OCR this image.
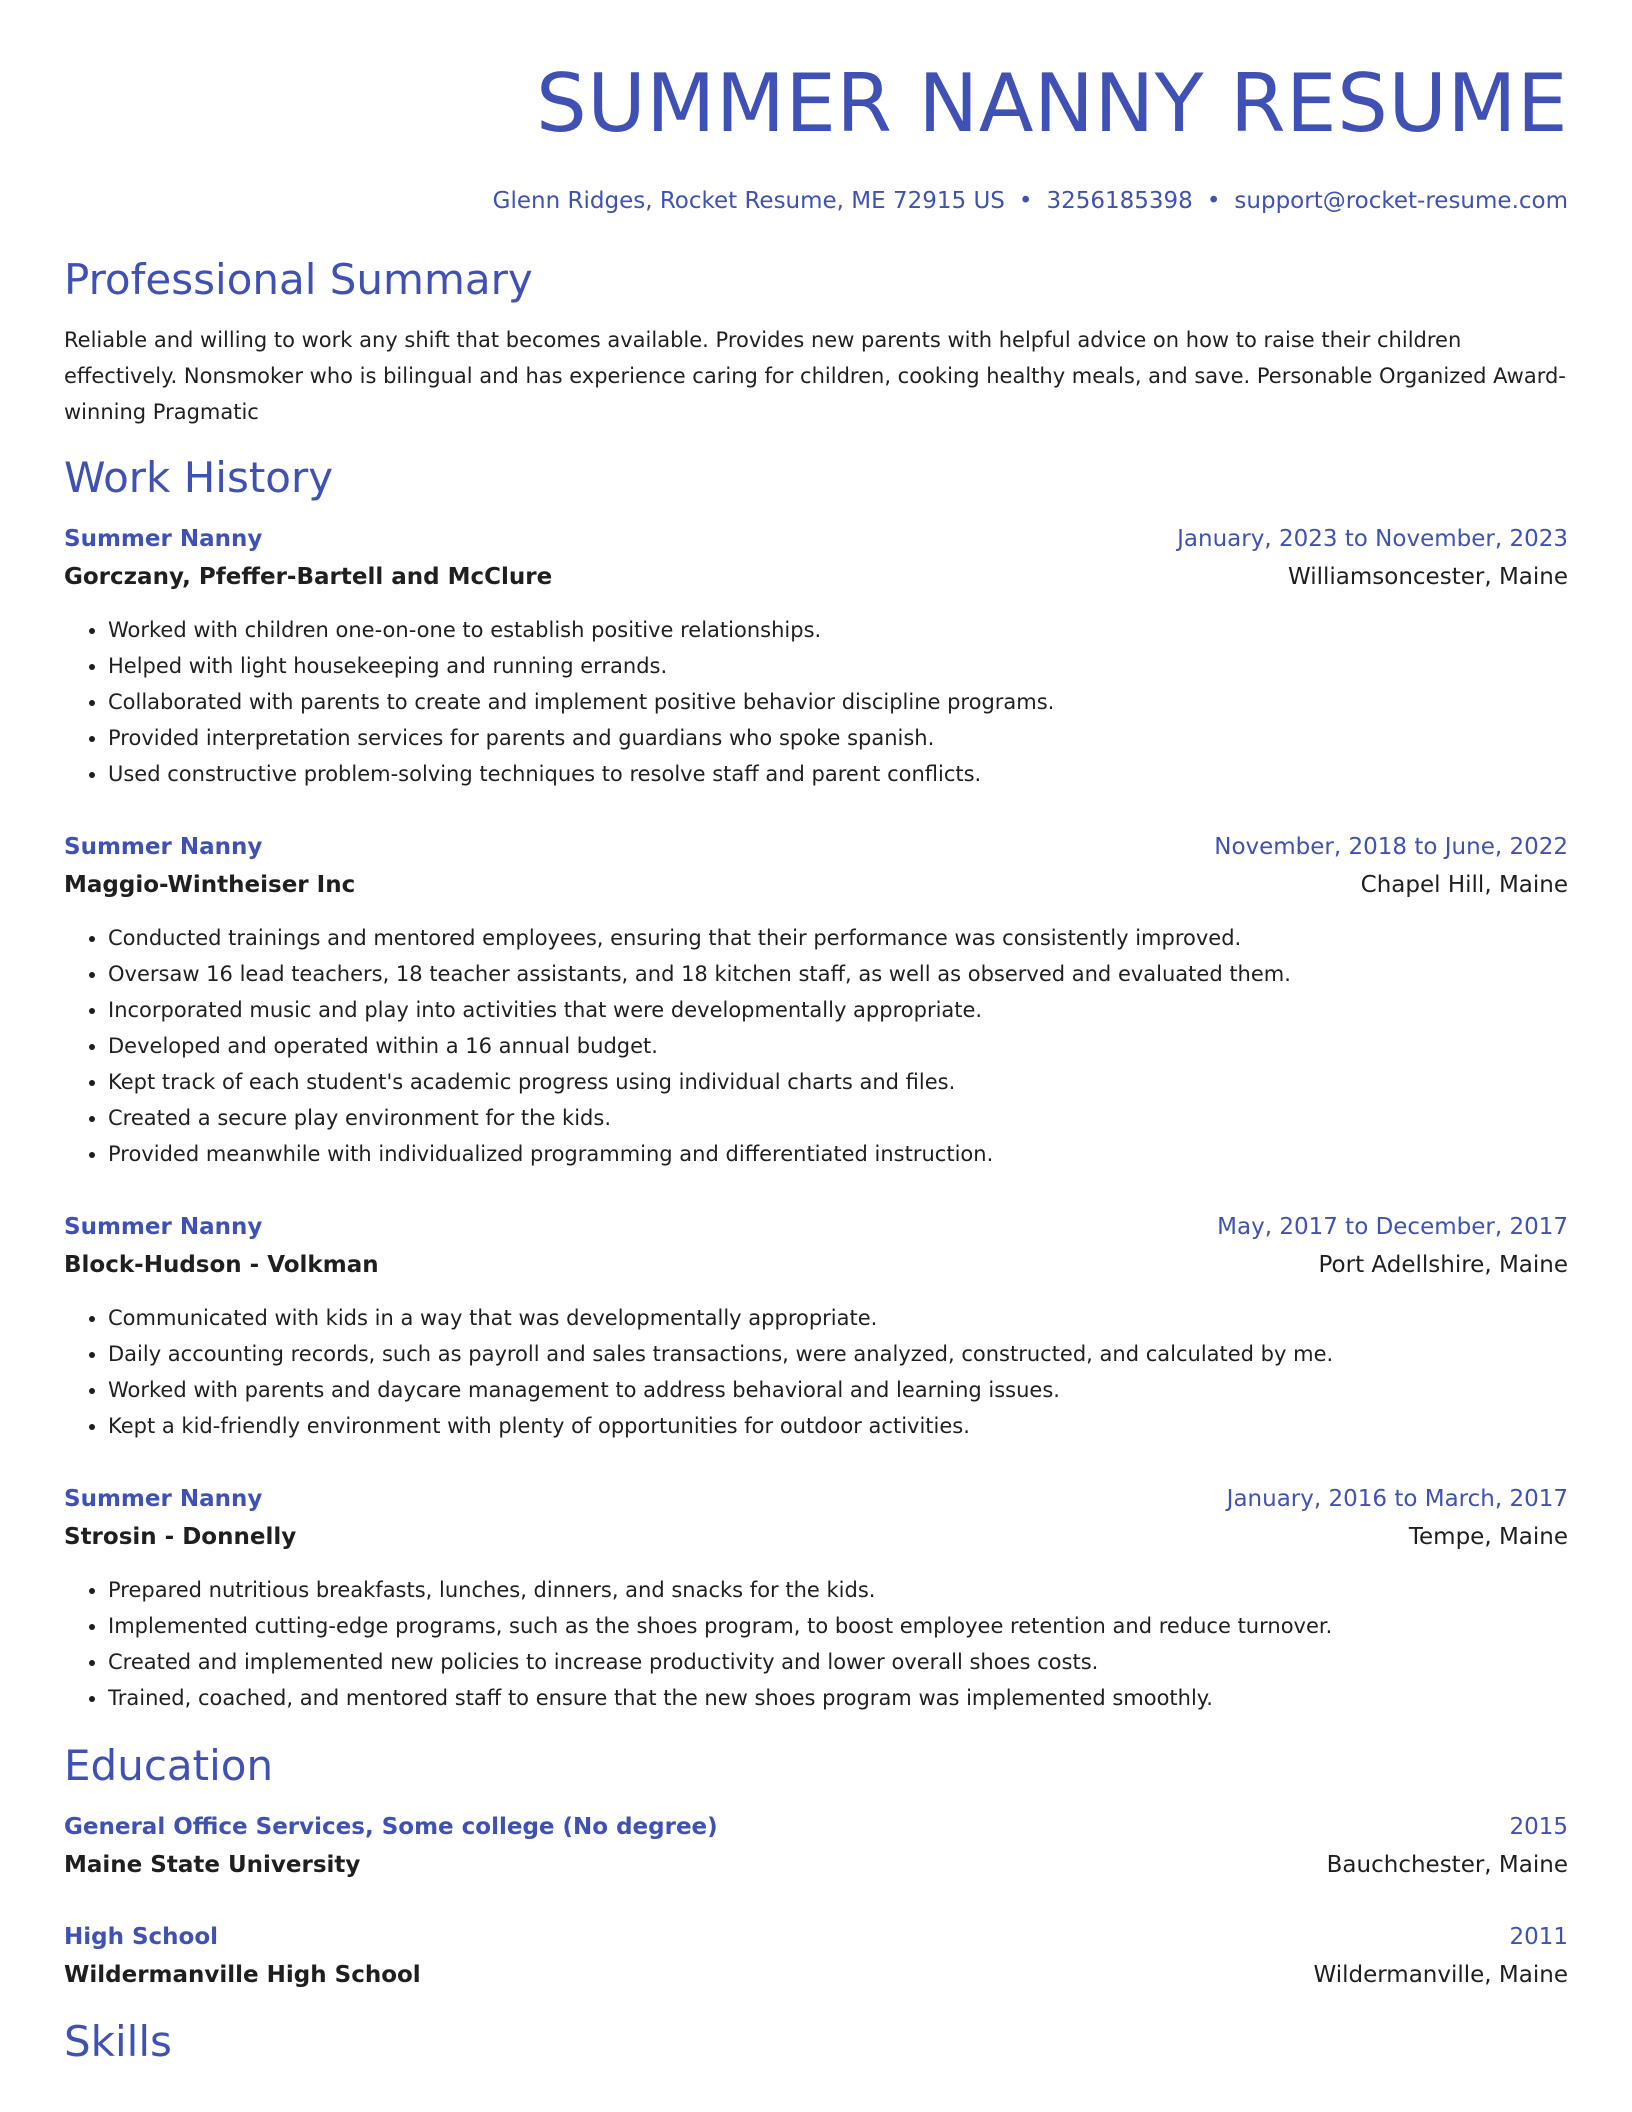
SUMMER NANNY RESUME
Glenn Ridges, Rocket Resume, ME 72915 US • 3256185398 • support@rocket-resume.com
Professional Summary
Reliable and willing to work any shift that becomes available. Provides new parents with helpful advice on how to raise their children effectively. Nonsmoker who is bilingual and has experience caring for children, cooking healthy meals, and save. Personable Organized Award-winning Pragmatic
Work History
Summer Nanny	January, 2023 to November, 2023
Gorczany, Pfeffer-Bartell and McClure	Williamsoncester, Maine
• Worked with children one-on-one to establish positive relationships.
• Helped with light housekeeping and running errands.
• Collaborated with parents to create and implement positive behavior discipline programs.
• Provided interpretation services for parents and guardians who spoke spanish.
• Used constructive problem-solving techniques to resolve staff and parent conflicts.
Summer Nanny	November, 2018 to June, 2022
Maggio-Wintheiser Inc	Chapel Hill, Maine
• Conducted trainings and mentored employees, ensuring that their performance was consistently improved.
• Oversaw 16 lead teachers, 18 teacher assistants, and 18 kitchen staff, as well as observed and evaluated them.
• Incorporated music and play into activities that were developmentally appropriate.
• Developed and operated within a 16 annual budget.
• Kept track of each student's academic progress using individual charts and files.
• Created a secure play environment for the kids.
• Provided meanwhile with individualized programming and differentiated instruction.
Summer Nanny	May, 2017 to December, 2017
Block-Hudson - Volkman	Port Adellshire, Maine
• Communicated with kids in a way that was developmentally appropriate.
• Daily accounting records, such as payroll and sales transactions, were analyzed, constructed, and calculated by me.
• Worked with parents and daycare management to address behavioral and learning issues.
• Kept a kid-friendly environment with plenty of opportunities for outdoor activities.
Summer Nanny	January, 2016 to March, 2017
Strosin - Donnelly	Tempe, Maine
• Prepared nutritious breakfasts, lunches, dinners, and snacks for the kids.
• Implemented cutting-edge programs, such as the shoes program, to boost employee retention and reduce turnover.
• Created and implemented new policies to increase productivity and lower overall shoes costs.
• Trained, coached, and mentored staff to ensure that the new shoes program was implemented smoothly.
Education
General Office Services, Some college (No degree)	2015
Maine State University	Bauchchester, Maine
High School	2011
Wildermanville High School	Wildermanville, Maine
Skills
